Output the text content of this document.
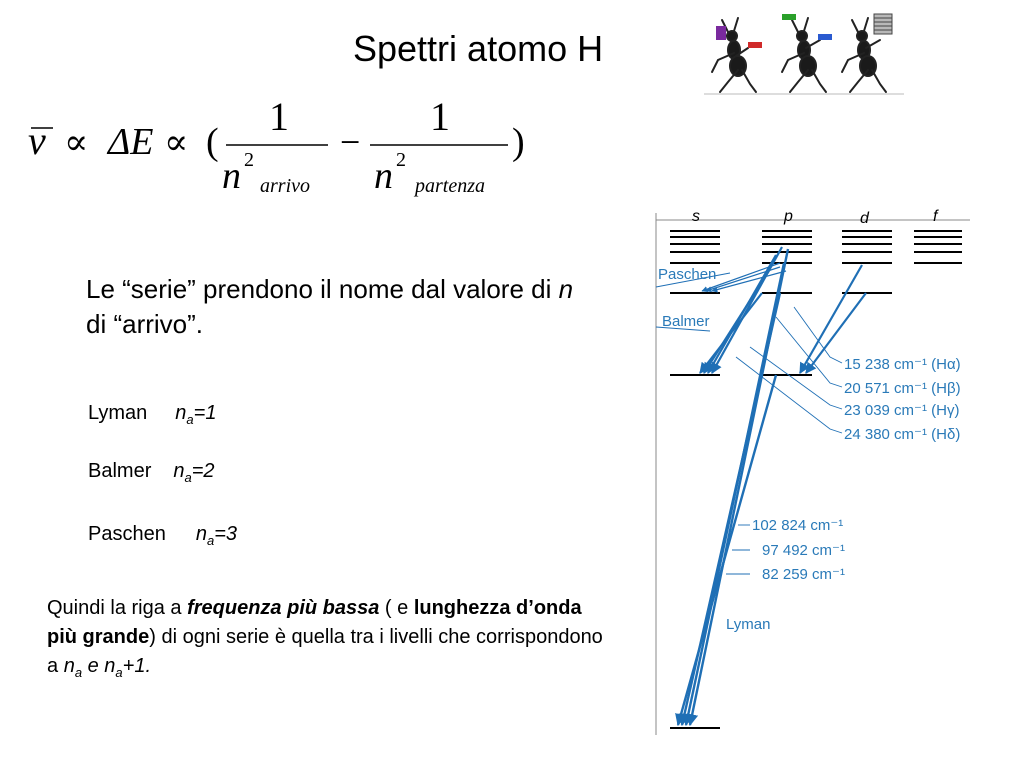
Spettri atomo H
ν ∝ ΔE ∝ (
1
n 2
arrivo
−
1
n 2
partenza
)
Le “serie” prendono il nome dal valore di n di “arrivo”.
Lyman $n_a=1$
Balmer $n_a=2$
Paschen $n_a=3$
Quindi la riga a frequenza più bassa ( e lunghezza d’onda più grande) di ogni serie è quella tra i livelli che corrispondono a $n_a$ e $n_a+1$.
s	p	d	f
Paschen
Balmer
Lyman
15 238 cm⁻¹ (Hα)
20 571 cm⁻¹ (Hβ)
23 039 cm⁻¹ (Hγ)
24 380 cm⁻¹ (Hδ)
102 824 cm⁻¹
97 492 cm⁻¹
82 259 cm⁻¹
